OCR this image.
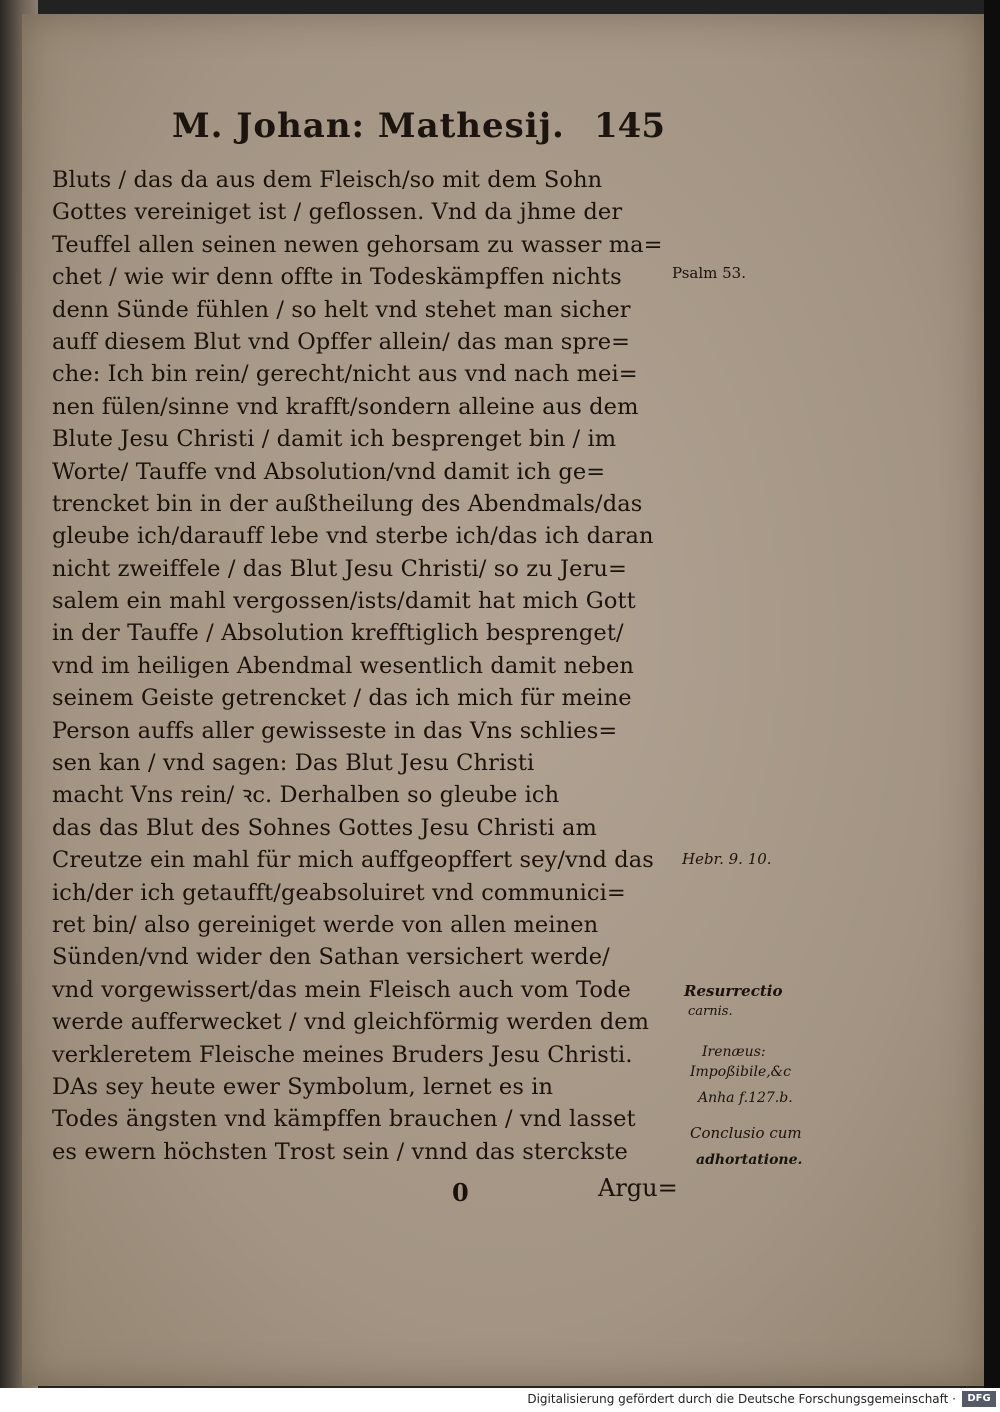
M. Johan: Mathesij. 145
Bluts / das da aus dem Fleisch/so mit dem Sohn
Gottes vereiniget ist / geflossen. Vnd da jhme der
Teuffel allen seinen newen gehorsam zu wasser ma=
chet / wie wir denn offte in Todeskämpffen nichts
denn Sünde fühlen / so helt vnd stehet man sicher
auff diesem Blut vnd Opffer allein/ das man spre=
che: Ich bin rein/ gerecht/nicht aus vnd nach mei=
nen fülen/sinne vnd krafft/sondern alleine aus dem
Blute Jesu Christi / damit ich besprenget bin / im
Worte/ Tauffe vnd Absolution/vnd damit ich ge=
trencket bin in der außtheilung des Abendmals/das
gleube ich/darauff lebe vnd sterbe ich/das ich daran
nicht zweiffele / das Blut Jesu Christi/ so zu Jeru=
salem ein mahl vergossen/ists/damit hat mich Gott
in der Tauffe / Absolution krefftiglich besprenget/
vnd im heiligen Abendmal wesentlich damit neben
seinem Geiste getrencket / das ich mich für meine
Person auffs aller gewisseste in das Vns schlies=
sen kan / vnd sagen: Das Blut Jesu Christi
macht Vns rein/ ꝛc. Derhalben so gleube ich
das das Blut des Sohnes Gottes Jesu Christi am
Creutze ein mahl für mich auffgeopffert sey/vnd das
ich/der ich getaufft/geabsoluiret vnd communici=
ret bin/ also gereiniget werde von allen meinen
Sünden/vnd wider den Sathan versichert werde/
vnd vorgewissert/das mein Fleisch auch vom Tode
werde aufferwecket / vnd gleichförmig werden dem
verkleretem Fleische meines Bruders Jesu Christi.
DAs sey heute ewer Symbolum, lernet es in
Todes ängsten vnd kämpffen brauchen / vnd lasset
es ewern höchsten Trost sein / vnnd das sterckste
0	Argu=
Psalm 53.
Hebr. 9. 10.
Resurrectio
carnis.
Irenæus:
Impoßibile,&c
Anha f.127.b.
Conclusio cum
adhortatione.
Digitalisierung gefördert durch die Deutsche Forschungsgemeinschaft ·	DFG
